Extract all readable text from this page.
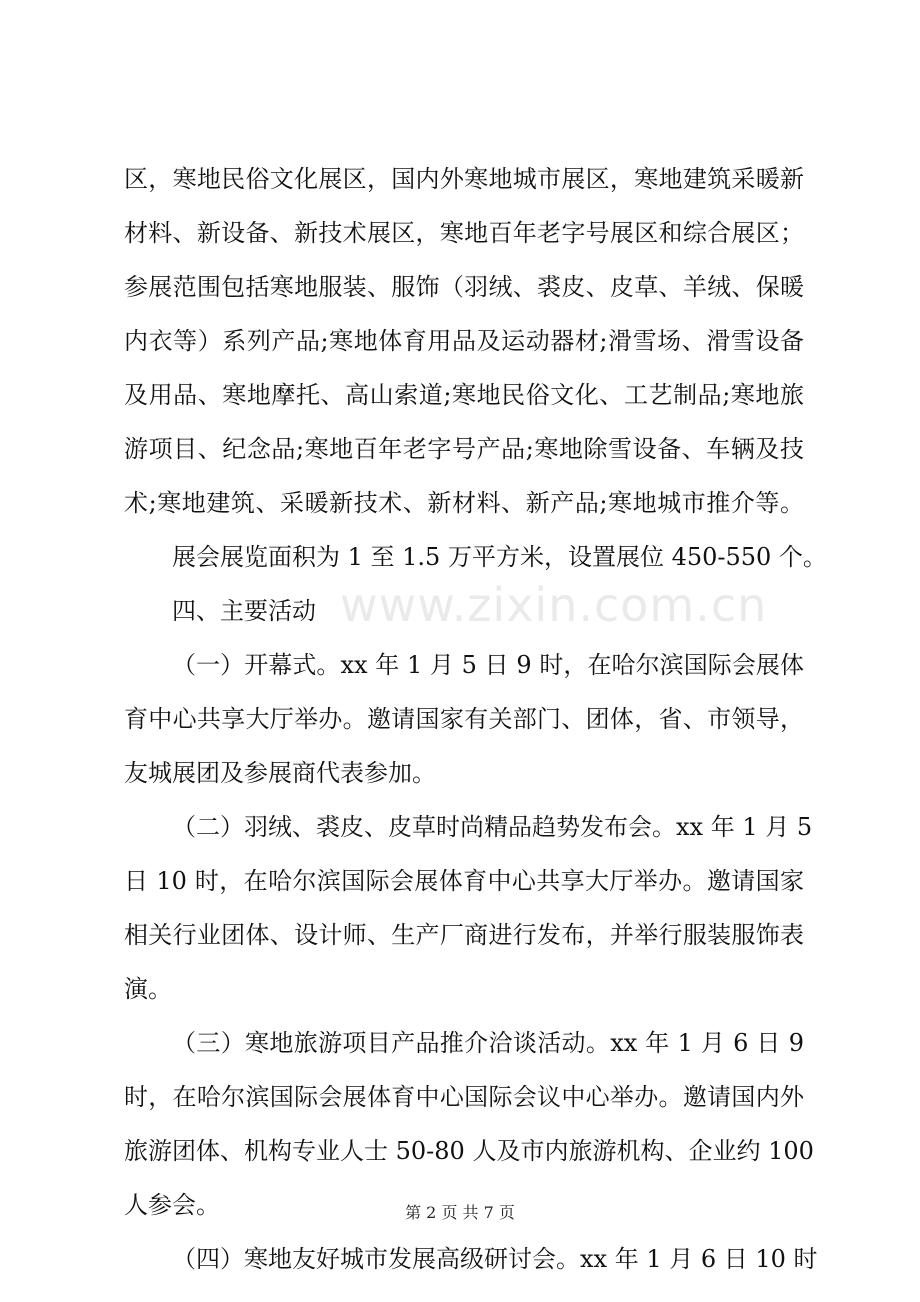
区，寒地民俗文化展区，国内外寒地城市展区，寒地建筑采暖新
材料、新设备、新技术展区，寒地百年老字号展区和综合展区；
参展范围包括寒地服装、服饰（羽绒、裘皮、皮草、羊绒、保暖
内衣等）系列产品;寒地体育用品及运动器材;滑雪场、滑雪设备
及用品、寒地摩托、高山索道;寒地民俗文化、工艺制品;寒地旅
游项目、纪念品;寒地百年老字号产品;寒地除雪设备、车辆及技
术;寒地建筑、采暖新技术、新材料、新产品;寒地城市推介等。
展会展览面积为 1 至 1.5 万平方米，设置展位 450-550 个。
四、主要活动
（一）开幕式。xx 年 1 月 5 日 9 时，在哈尔滨国际会展体
育中心共享大厅举办。邀请国家有关部门、团体，省、市领导，
友城展团及参展商代表参加。
（二）羽绒、裘皮、皮草时尚精品趋势发布会。xx 年 1 月 5
日 10 时，在哈尔滨国际会展体育中心共享大厅举办。邀请国家
相关行业团体、设计师、生产厂商进行发布，并举行服装服饰表
演。
（三）寒地旅游项目产品推介洽谈活动。xx 年 1 月 6 日 9
时，在哈尔滨国际会展体育中心国际会议中心举办。邀请国内外
旅游团体、机构专业人士 50-80 人及市内旅游机构、企业约 100
人参会。
（四）寒地友好城市发展高级研讨会。xx 年 1 月 6 日 10 时
www.zixin.com.cn
第 2 页 共 7 页
